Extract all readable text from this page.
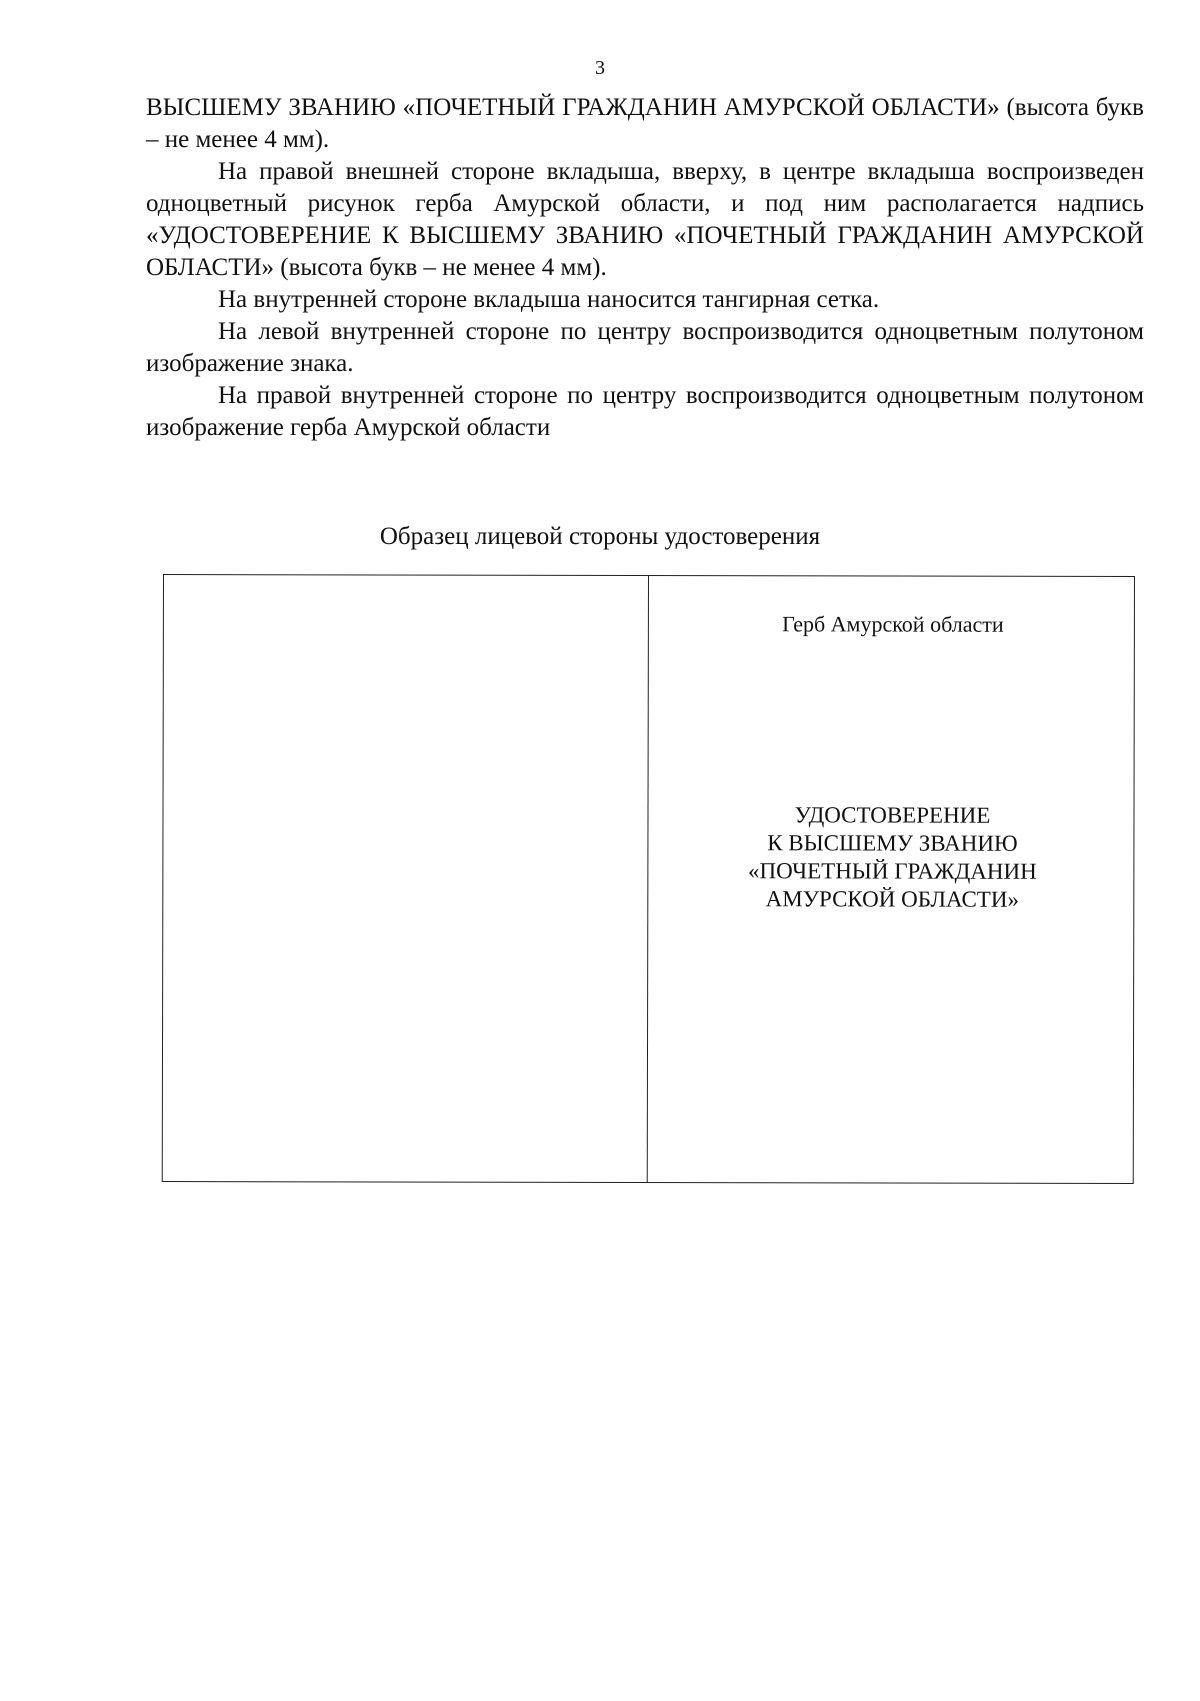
3

ВЫСШЕМУ ЗВАНИЮ «ПОЧЕТНЫЙ ГРАЖДАНИН АМУРСКОЙ ОБЛАСТИ» (высота букв – не менее 4 мм).

На правой внешней стороне вкладыша, вверху, в центре вкладыша воспроизведен одноцветный рисунок герба Амурской области, и под ним располагается надпись «УДОСТОВЕРЕНИЕ К ВЫСШЕМУ ЗВАНИЮ «ПОЧЕТНЫЙ ГРАЖДАНИН АМУРСКОЙ ОБЛАСТИ» (высота букв – не менее 4 мм).

На внутренней стороне вкладыша наносится тангирная сетка.

На левой внутренней стороне по центру воспроизводится одноцветным полутоном изображение знака.

На правой внутренней стороне по центру воспроизводится одноцветным полутоном изображение герба Амурской области

Образец лицевой стороны удостоверения
Герб Амурской области
УДОСТОВЕРЕНИЕ
К ВЫСШЕМУ ЗВАНИЮ
«ПОЧЕТНЫЙ ГРАЖДАНИН
АМУРСКОЙ ОБЛАСТИ»
